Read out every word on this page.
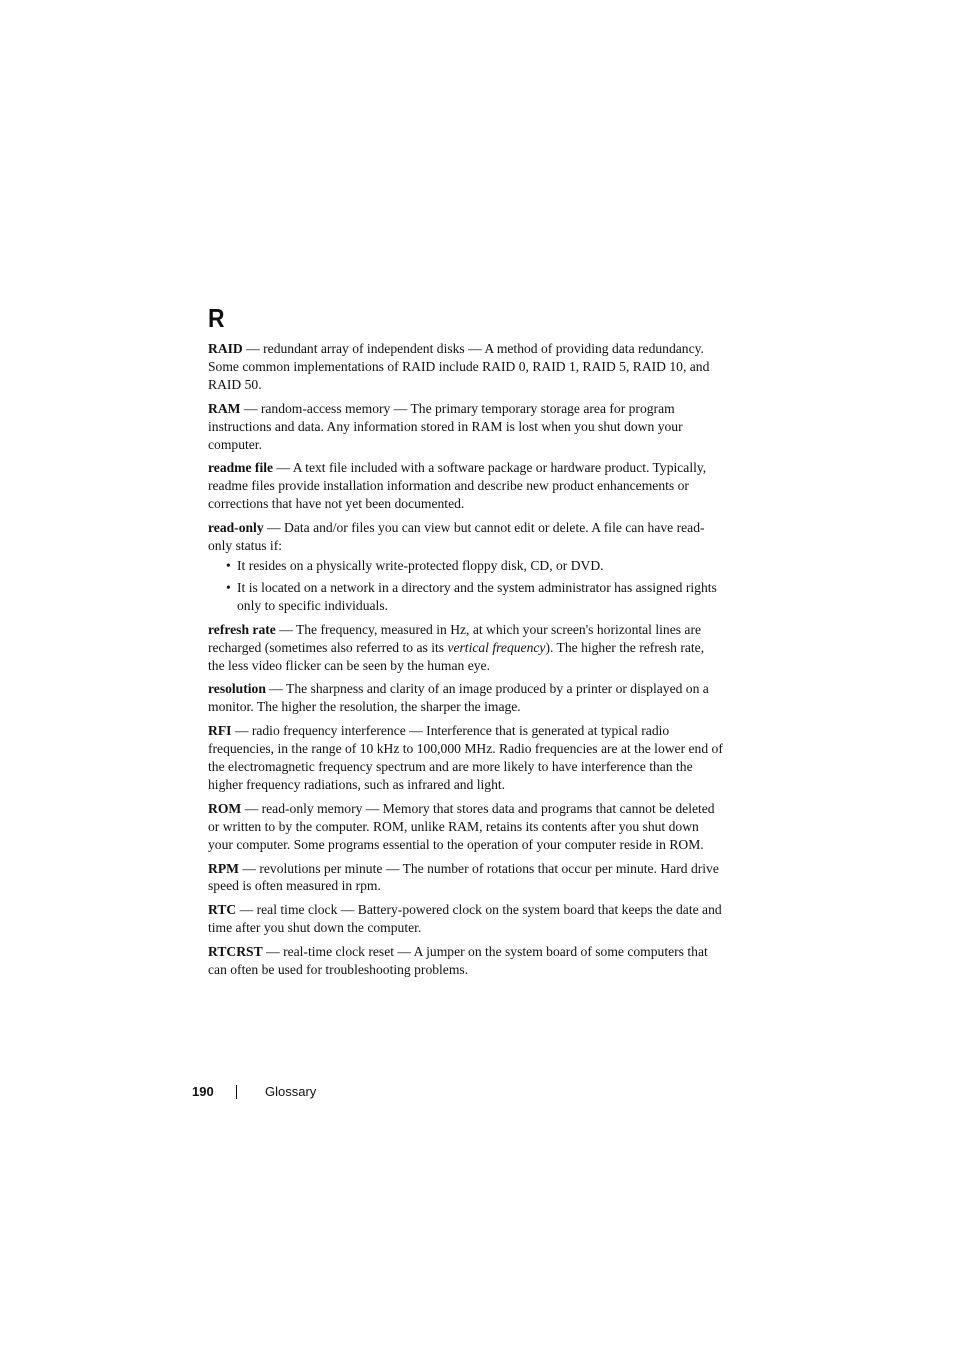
R

RAID — redundant array of independent disks — A method of providing data redundancy. Some common implementations of RAID include RAID 0, RAID 1, RAID 5, RAID 10, and RAID 50.

RAM — random-access memory — The primary temporary storage area for program instructions and data. Any information stored in RAM is lost when you shut down your computer.

readme file — A text file included with a software package or hardware product. Typically, readme files provide installation information and describe new product enhancements or corrections that have not yet been documented.

read-only — Data and/or files you can view but cannot edit or delete. A file can have read-only status if:

• It resides on a physically write-protected floppy disk, CD, or DVD.
• It is located on a network in a directory and the system administrator has assigned rights only to specific individuals.

refresh rate — The frequency, measured in Hz, at which your screen's horizontal lines are recharged (sometimes also referred to as its vertical frequency). The higher the refresh rate, the less video flicker can be seen by the human eye.

resolution — The sharpness and clarity of an image produced by a printer or displayed on a monitor. The higher the resolution, the sharper the image.

RFI — radio frequency interference — Interference that is generated at typical radio frequencies, in the range of 10 kHz to 100,000 MHz. Radio frequencies are at the lower end of the electromagnetic frequency spectrum and are more likely to have interference than the higher frequency radiations, such as infrared and light.

ROM — read-only memory — Memory that stores data and programs that cannot be deleted or written to by the computer. ROM, unlike RAM, retains its contents after you shut down your computer. Some programs essential to the operation of your computer reside in ROM.

RPM — revolutions per minute — The number of rotations that occur per minute. Hard drive speed is often measured in rpm.

RTC — real time clock — Battery-powered clock on the system board that keeps the date and time after you shut down the computer.

RTCRST — real-time clock reset — A jumper on the system board of some computers that can often be used for troubleshooting problems.

190	Glossary
